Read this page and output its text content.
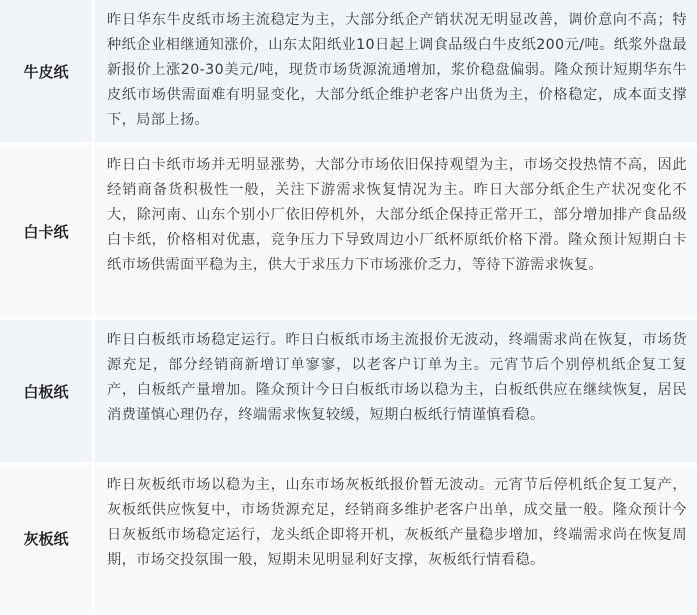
牛皮纸
昨日华东牛皮纸市场主流稳定为主，大部分纸企产销状况无明显改善，调价意向不高；特种纸企业相继通知涨价，山东太阳纸业10日起上调食品级白牛皮纸200元/吨。纸浆外盘最新报价上涨20-30美元/吨，现货市场货源流通增加，浆价稳盘偏弱。隆众预计短期华东牛皮纸市场供需面难有明显变化，大部分纸企维护老客户出货为主，价格稳定，成本面支撑下，局部上扬。
白卡纸
昨日白卡纸市场并无明显涨势，大部分市场依旧保持观望为主，市场交投热情不高，因此经销商备货积极性一般，关注下游需求恢复情况为主。昨日大部分纸企生产状况变化不大，除河南、山东个别小厂依旧停机外，大部分纸企保持正常开工，部分增加排产食品级白卡纸，价格相对优惠，竞争压力下导致周边小厂纸杯原纸价格下滑。隆众预计短期白卡纸市场供需面平稳为主，供大于求压力下市场涨价乏力，等待下游需求恢复。
白板纸
昨日白板纸市场稳定运行。昨日白板纸市场主流报价无波动，终端需求尚在恢复，市场货源充足，部分经销商新增订单寥寥，以老客户订单为主。元宵节后个别停机纸企复工复产，白板纸产量增加。隆众预计今日白板纸市场以稳为主，白板纸供应在继续恢复，居民消费谨慎心理仍存，终端需求恢复较缓，短期白板纸行情谨慎看稳。
灰板纸
昨日灰板纸市场以稳为主，山东市场灰板纸报价暂无波动。元宵节后停机纸企复工复产，灰板纸供应恢复中，市场货源充足，经销商多维护老客户出单，成交量一般。隆众预计今日灰板纸市场稳定运行，龙头纸企即将开机，灰板纸产量稳步增加，终端需求尚在恢复周期，市场交投氛围一般，短期未见明显利好支撑，灰板纸行情看稳。
